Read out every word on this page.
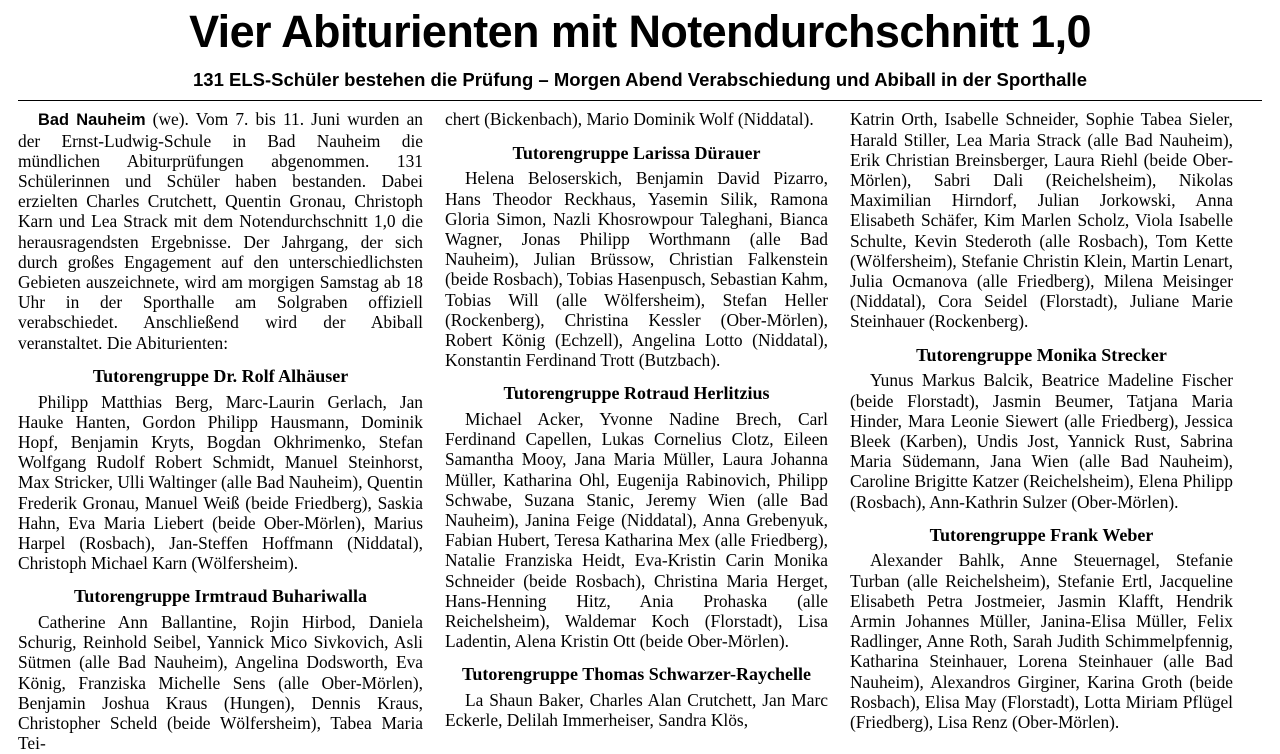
Vier Abiturienten mit Notendurchschnitt 1,0
131 ELS-Schüler bestehen die Prüfung – Morgen Abend Verabschiedung und Abiball in der Sporthalle

Bad Nauheim (we). Vom 7. bis 11. Juni wurden an der Ernst-Ludwig-Schule in Bad Nauheim die mündlichen Abiturprüfungen abgenommen. 131 Schülerinnen und Schüler haben bestanden. Dabei erzielten Charles Crutchett, Quentin Gronau, Christoph Karn und Lea Strack mit dem Notendurchschnitt 1,0 die herausragendsten Ergebnisse. Der Jahrgang, der sich durch großes Engagement auf den unterschiedlichsten Gebieten auszeichnete, wird am morgigen Samstag ab 18 Uhr in der Sporthalle am Solgraben offiziell verabschiedet. Anschließend wird der Abiball veranstaltet. Die Abiturienten:

Tutorengruppe Dr. Rolf Alhäuser

Philipp Matthias Berg, Marc-Laurin Gerlach, Jan Hauke Hanten, Gordon Philipp Hausmann, Dominik Hopf, Benjamin Kryts, Bogdan Okhrimenko, Stefan Wolfgang Rudolf Robert Schmidt, Manuel Steinhorst, Max Stricker, Ulli Waltinger (alle Bad Nauheim), Quentin Frederik Gronau, Manuel Weiß (beide Friedberg), Saskia Hahn, Eva Maria Liebert (beide Ober-Mörlen), Marius Harpel (Rosbach), Jan-Steffen Hoffmann (Niddatal), Christoph Michael Karn (Wölfersheim).

Tutorengruppe Irmtraud Buhariwalla

Catherine Ann Ballantine, Rojin Hirbod, Daniela Schurig, Reinhold Seibel, Yannick Mico Sivkovich, Asli Sütmen (alle Bad Nauheim), Angelina Dodsworth, Eva König, Franziska Michelle Sens (alle Ober-Mörlen), Benjamin Joshua Kraus (Hungen), Dennis Kraus, Christopher Scheld (beide Wölfersheim), Tabea Maria Tei-

chert (Bickenbach), Mario Dominik Wolf (Niddatal).

Tutorengruppe Larissa Dürauer

Helena Beloserskich, Benjamin David Pizarro, Hans Theodor Reckhaus, Yasemin Silik, Ramona Gloria Simon, Nazli Khosrowpour Taleghani, Bianca Wagner, Jonas Philipp Worthmann (alle Bad Nauheim), Julian Brüssow, Christian Falkenstein (beide Rosbach), Tobias Hasenpusch, Sebastian Kahm, Tobias Will (alle Wölfersheim), Stefan Heller (Rockenberg), Christina Kessler (Ober-Mörlen), Robert König (Echzell), Angelina Lotto (Niddatal), Konstantin Ferdinand Trott (Butzbach).

Tutorengruppe Rotraud Herlitzius

Michael Acker, Yvonne Nadine Brech, Carl Ferdinand Capellen, Lukas Cornelius Clotz, Eileen Samantha Mooy, Jana Maria Müller, Laura Johanna Müller, Katharina Ohl, Eugenija Rabinovich, Philipp Schwabe, Suzana Stanic, Jeremy Wien (alle Bad Nauheim), Janina Feige (Niddatal), Anna Grebenyuk, Fabian Hubert, Teresa Katharina Mex (alle Friedberg), Natalie Franziska Heidt, Eva-Kristin Carin Monika Schneider (beide Rosbach), Christina Maria Herget, Hans-Henning Hitz, Ania Prohaska (alle Reichelsheim), Waldemar Koch (Florstadt), Lisa Ladentin, Alena Kristin Ott (beide Ober-Mörlen).

Tutorengruppe Thomas Schwarzer-Raychelle

La Shaun Baker, Charles Alan Crutchett, Jan Marc Eckerle, Delilah Immerheiser, Sandra Klös,

Katrin Orth, Isabelle Schneider, Sophie Tabea Sieler, Harald Stiller, Lea Maria Strack (alle Bad Nauheim), Erik Christian Breinsberger, Laura Riehl (beide Ober-Mörlen), Sabri Dali (Reichelsheim), Nikolas Maximilian Hirndorf, Julian Jorkowski, Anna Elisabeth Schäfer, Kim Marlen Scholz, Viola Isabelle Schulte, Kevin Stederoth (alle Rosbach), Tom Kette (Wölfersheim), Stefanie Christin Klein, Martin Lenart, Julia Ocmanova (alle Friedberg), Milena Meisinger (Niddatal), Cora Seidel (Florstadt), Juliane Marie Steinhauer (Rockenberg).

Tutorengruppe Monika Strecker

Yunus Markus Balcik, Beatrice Madeline Fischer (beide Florstadt), Jasmin Beumer, Tatjana Maria Hinder, Mara Leonie Siewert (alle Friedberg), Jessica Bleek (Karben), Undis Jost, Yannick Rust, Sabrina Maria Südemann, Jana Wien (alle Bad Nauheim), Caroline Brigitte Katzer (Reichelsheim), Elena Philipp (Rosbach), Ann-Kathrin Sulzer (Ober-Mörlen).

Tutorengruppe Frank Weber

Alexander Bahlk, Anne Steuernagel, Stefanie Turban (alle Reichelsheim), Stefanie Ertl, Jacqueline Elisabeth Petra Jostmeier, Jasmin Klafft, Hendrik Armin Johannes Müller, Janina-Elisa Müller, Felix Radlinger, Anne Roth, Sarah Judith Schimmelpfennig, Katharina Steinhauer, Lorena Steinhauer (alle Bad Nauheim), Alexandros Girginer, Karina Groth (beide Rosbach), Elisa May (Florstadt), Lotta Miriam Pflügel (Friedberg), Lisa Renz (Ober-Mörlen).
